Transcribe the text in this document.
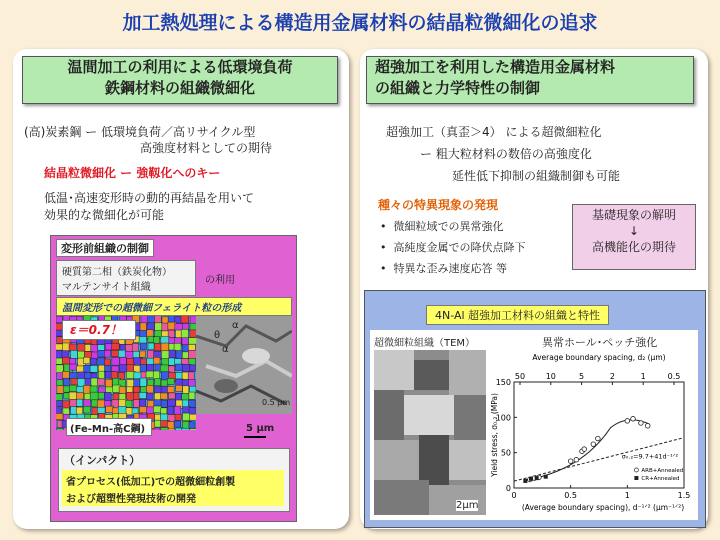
加工熱処理による構造用金属材料の結晶粒微細化の追求
温間加工の利用による低環境負荷
鉄鋼材料の組織微細化
(高)炭素鋼 ー 低環境負荷／高リサイクル型
高強度材料としての期待
結晶粒微細化 ー 強靱化へのキー
低温･高速変形時の動的再結晶を用いて
効果的な微細化が可能
変形前組織の制御
硬質第二相（鉄炭化物）
マルテンサイト組織
の利用
温間変形での超微細フェライト粒の形成
ε＝0.7！	α
α
θ
0.5 μm
(Fe-Mn-高C鋼)	5 μm
（インパクト）
省プロセス(低加工)での超微細粒創製
および超塑性発現技術の開発
超強加工を利用した構造用金属材料
の組織と力学特性の制御
超強加工（真歪＞4） による超微細粒化
ー 粗大粒材料の数倍の高強度化
延性低下抑制の組織制御も可能
種々の特異現象の発現
•  微細粒域での異常強化
•  高純度金属での降伏点降下
•  特異な歪み速度応答 等
基礎現象の解明
↓
高機能化の期待
4N-Al 超強加工材料の組織と特性
超微細粒組織（TEM）
2μm
異常ホール･ペッチ強化
0	0.5	1	1.5
0
50
100
150
50	10	5	2	1	0.5
Average boundary spacing, d₂ (μm)
(Average boundary spacing), d⁻¹ᐟ² (μm⁻¹ᐟ²)
Yield stress, σ₀.₂ (MPa)	σ₀.₂=9.7+41d⁻¹ᐟ²
ARB+Annealed
CR+Annealed
